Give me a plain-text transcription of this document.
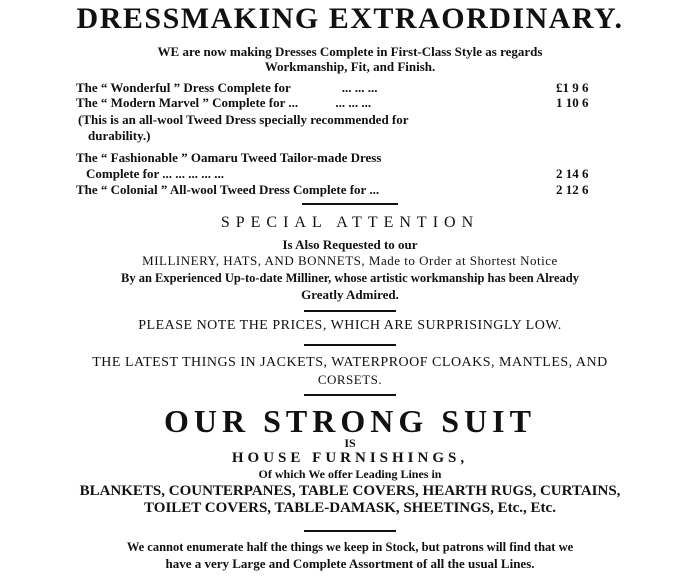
DRESSMAKING EXTRAORDINARY.
WE are now making Dresses Complete in First-Class Style as regards
Workmanship, Fit, and Finish.
The “ Wonderful ” Dress Complete for	... ... ...	£1 9 6
The “ Modern Marvel ” Complete for ...	... ... ...	1 10 6
(This is an all-wool Tweed Dress specially recommended for
durability.)
The “ Fashionable ” Oamaru Tweed Tailor-made Dress
Complete for ... ... ... ... ...	2 14 6
The “ Colonial ” All-wool Tweed Dress Complete for ...	2 12 6
SPECIAL ATTENTION
Is Also Requested to our
MILLINERY, HATS, AND BONNETS, Made to Order at Shortest Notice
By an Experienced Up-to-date Milliner, whose artistic workmanship has been Already
Greatly Admired.
PLEASE NOTE THE PRICES, WHICH ARE SURPRISINGLY LOW.
THE LATEST THINGS IN JACKETS, WATERPROOF CLOAKS, MANTLES, AND
CORSETS.
OUR STRONG SUIT
IS
HOUSE FURNISHINGS,
Of which We offer Leading Lines in
BLANKETS, COUNTERPANES, TABLE COVERS, HEARTH RUGS, CURTAINS,
TOILET COVERS, TABLE-DAMASK, SHEETINGS, Etc., Etc.
We cannot enumerate half the things we keep in Stock, but patrons will find that we
have a very Large and Complete Assortment of all the usual Lines.
